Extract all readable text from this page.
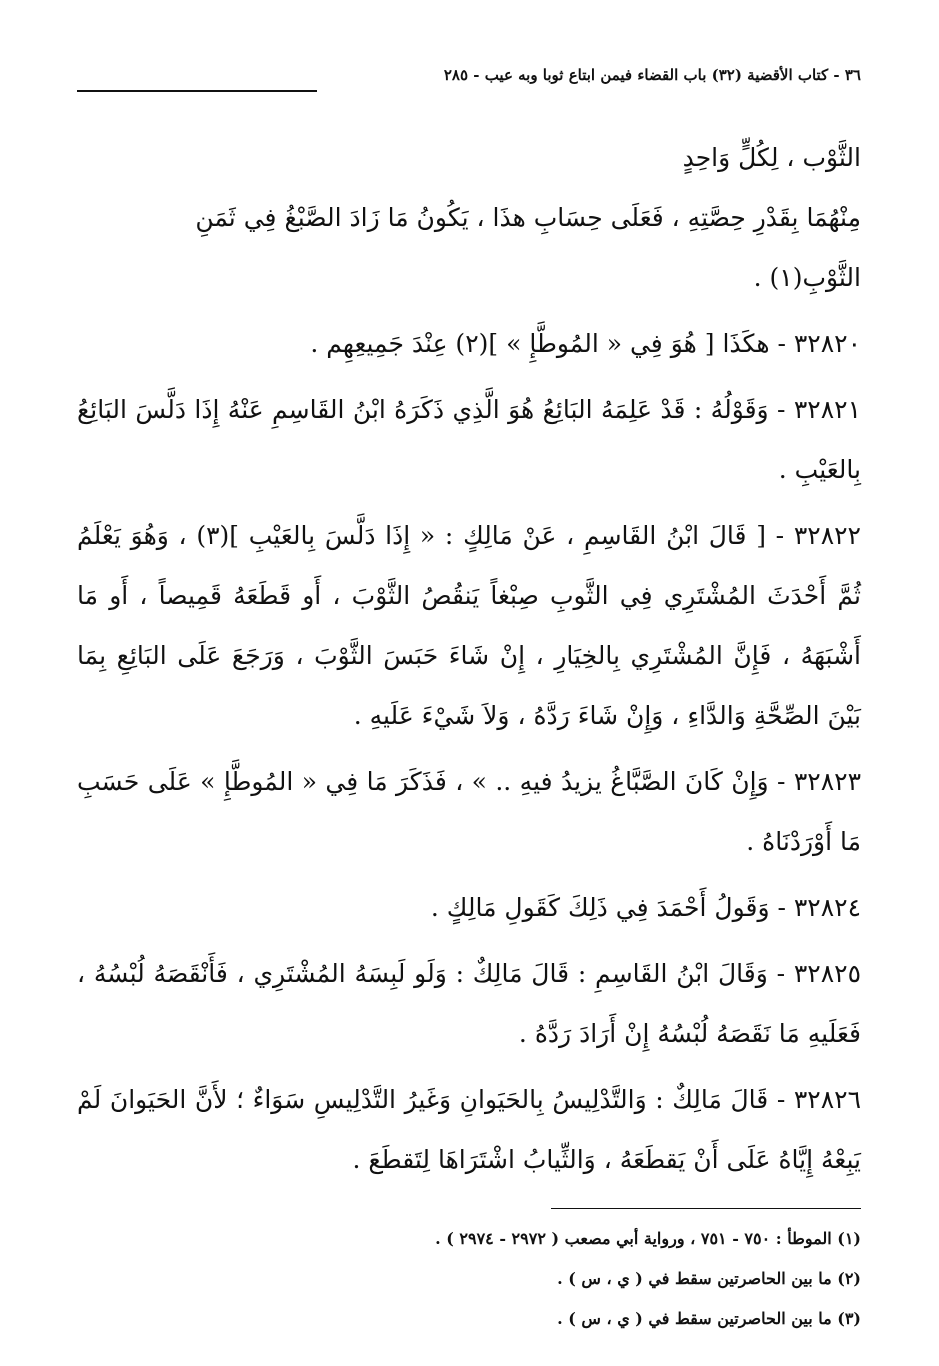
٣٦ - كتاب الأقضية (٣٢) باب القضاء فيمن ابتاع ثوبا وبه عيب - ٢٨٥

الثَّوْب ، لِكُلٍّ وَاحِدٍ

مِنْهُمَا بِقَدْرِ حِصَّتِهِ ، فَعَلَى حِسَابِ هذَا ، يَكُونُ مَا زَادَ الصَّبْغُ فِي ثَمَنِ

الثَّوْبِ(١) .

٣٢٨٢٠ - هكَذَا [ هُوَ فِي « المُوطَّإِ » ](٢) عِنْدَ جَمِيعِهِم .

٣٢٨٢١ - وَقَوْلُهُ : قَدْ عَلِمَهُ البَائِعُ هُوَ الَّذِي ذَكَرَهُ ابْنُ القَاسِمِ عَنْهُ إِذَا دَلَّسَ البَائِعُ بِالعَيْبِ .

٣٢٨٢٢ - [ قَالَ ابْنُ القَاسِمِ ، عَنْ مَالِكٍ : « إِذَا دَلَّسَ بِالعَيْبِ ](٣) ، وَهُوَ يَعْلَمُ ثُمَّ أَحْدَثَ المُشْتَرِي فِي الثَّوبِ صِبْغاً يَنقُصُ الثَّوْبَ ، أَو قَطَعَهُ قَمِيصاً ، أَو مَا أَشْبَهَهُ ، فَإِنَّ المُشْتَرِي بِالخِيَارِ ، إِنْ شَاءَ حَبَسَ الثَّوْبَ ، وَرَجَعَ عَلَى البَائِعِ بِمَا بَيْنَ الصِّحَّةِ وَالدَّاءِ ، وَإِنْ شَاءَ رَدَّهُ ، وَلاَ شَيْءَ عَلَيهِ .

٣٢٨٢٣ - وَإِنْ كَانَ الصَّبَّاغُ يزيدُ فيهِ .. » ، فَذَكَرَ مَا فِي « المُوطَّإِ » عَلَى حَسَبِ مَا أَوْرَدْنَاهُ .

٣٢٨٢٤ - وَقَولُ أَحْمَدَ فِي ذَلِكَ كَقَولِ مَالِكٍ .

٣٢٨٢٥ - وَقَالَ ابْنُ القَاسِمِ : قَالَ مَالِكٌ : وَلَو لَبِسَهُ المُشْتَرِي ، فَأَنْقَصَهُ لُبْسُهُ ، فَعَلَيهِ مَا نَقَصَهُ لُبْسُهُ إِنْ أَرَادَ رَدَّهُ .

٣٢٨٢٦ - قَالَ مَالِكٌ : وَالتَّدْلِيسُ بِالحَيَوانِ وَغَيرُ التَّدْلِيسِ سَوَاءٌ ؛ لأَنَّ الحَيَوانَ لَمْ يَبِعْهُ إِيَّاهُ عَلَى أَنْ يَقطَعَهُ ، وَالثِّيابُ اشْتَرَاهَا لِتَقطَعَ .

(١) الموطأ : ٧٥٠ - ٧٥١ ، ورواية أبي مصعب ( ٢٩٧٢ - ٢٩٧٤ ) .

(٢) ما بين الحاصرتين سقط في ( ي ، س ) .

(٣) ما بين الحاصرتين سقط في ( ي ، س ) .
